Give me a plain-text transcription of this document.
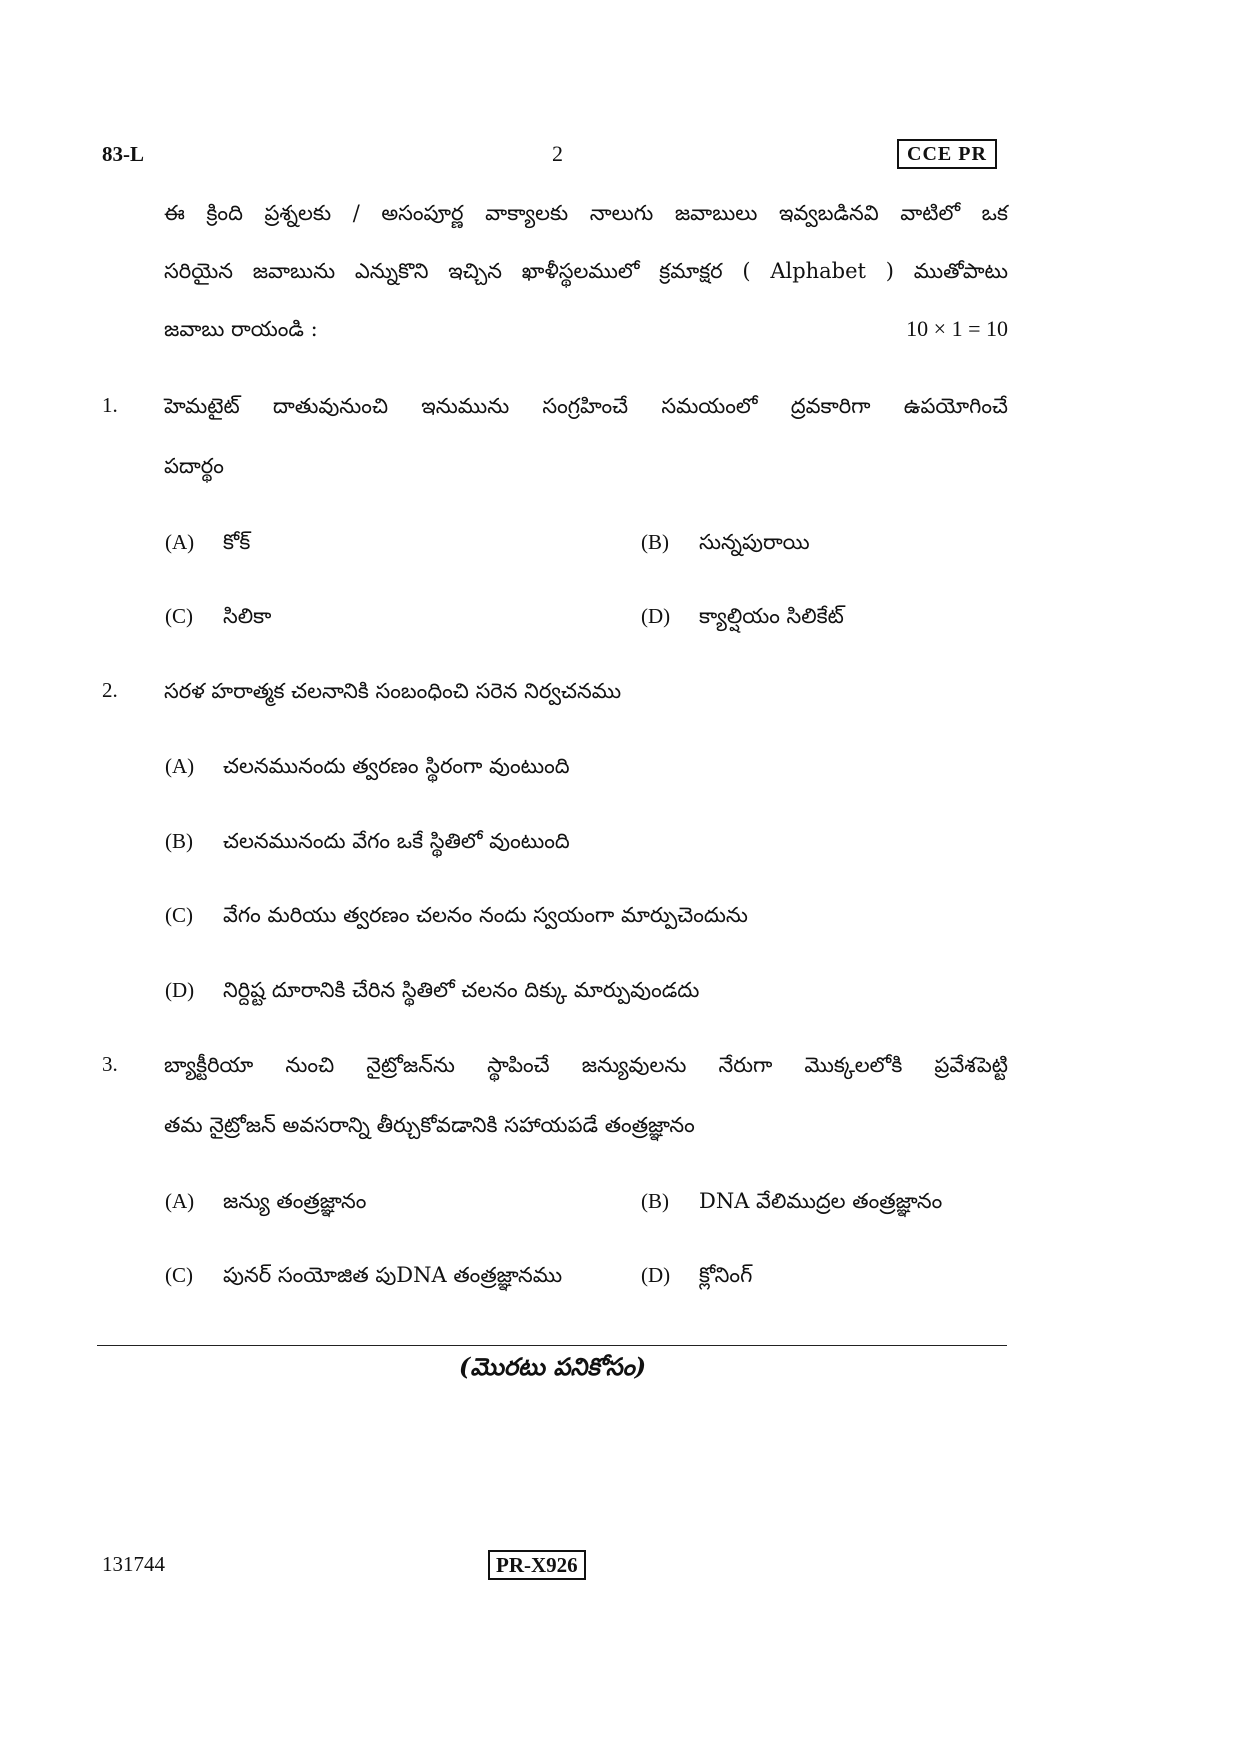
83-L	2	CCE PR
ఈ క్రింది ప్రశ్నలకు / అసంపూర్ణ వాక్యాలకు నాలుగు జవాబులు ఇవ్వబడినవి వాటిలో ఒక
సరియైన జవాబును ఎన్నుకొని ఇచ్చిన ఖాళీస్థలములో క్రమాక్షర ( Alphabet ) ముతోపాటు
జవాబు రాయండి :	10 × 1 = 10
1. హెమటైట్ దాతువునుంచి ఇనుమును సంగ్రహించే సమయంలో ద్రవకారిగా ఉపయోగించే
పదార్థం
(A) కోక్	(B) సున్నపురాయి
(C) సిలికా	(D) క్యాల్షియం సిలికేట్
2. సరళ హరాత్మక చలనానికి సంబంధించి సరెన నిర్వచనము
(A) చలనమునందు త్వరణం స్థిరంగా వుంటుంది
(B) చలనమునందు వేగం ఒకే స్థితిలో వుంటుంది
(C) వేగం మరియు త్వరణం చలనం నందు స్వయంగా మార్పుచెందును
(D) నిర్దిష్ట దూరానికి చేరిన స్థితిలో చలనం దిక్కు మార్పువుండదు
3. బ్యాక్టీరియా నుంచి నైట్రోజన్‌ను స్థాపించే జన్యువులను నేరుగా మొక్కలలోకి ప్రవేశపెట్టి
తమ నైట్రోజన్ అవసరాన్ని తీర్చుకోవడానికి సహాయపడే తంత్రజ్ఞానం
(A) జన్యు తంత్రజ్ఞానం	(B) DNA వేలిముద్రల తంత్రజ్ఞానం
(C) పునర్ సంయోజిత పుDNA తంత్రజ్ఞానము	(D) క్లోనింగ్
(మొరటు పనికోసం)
131744	PR-X926
